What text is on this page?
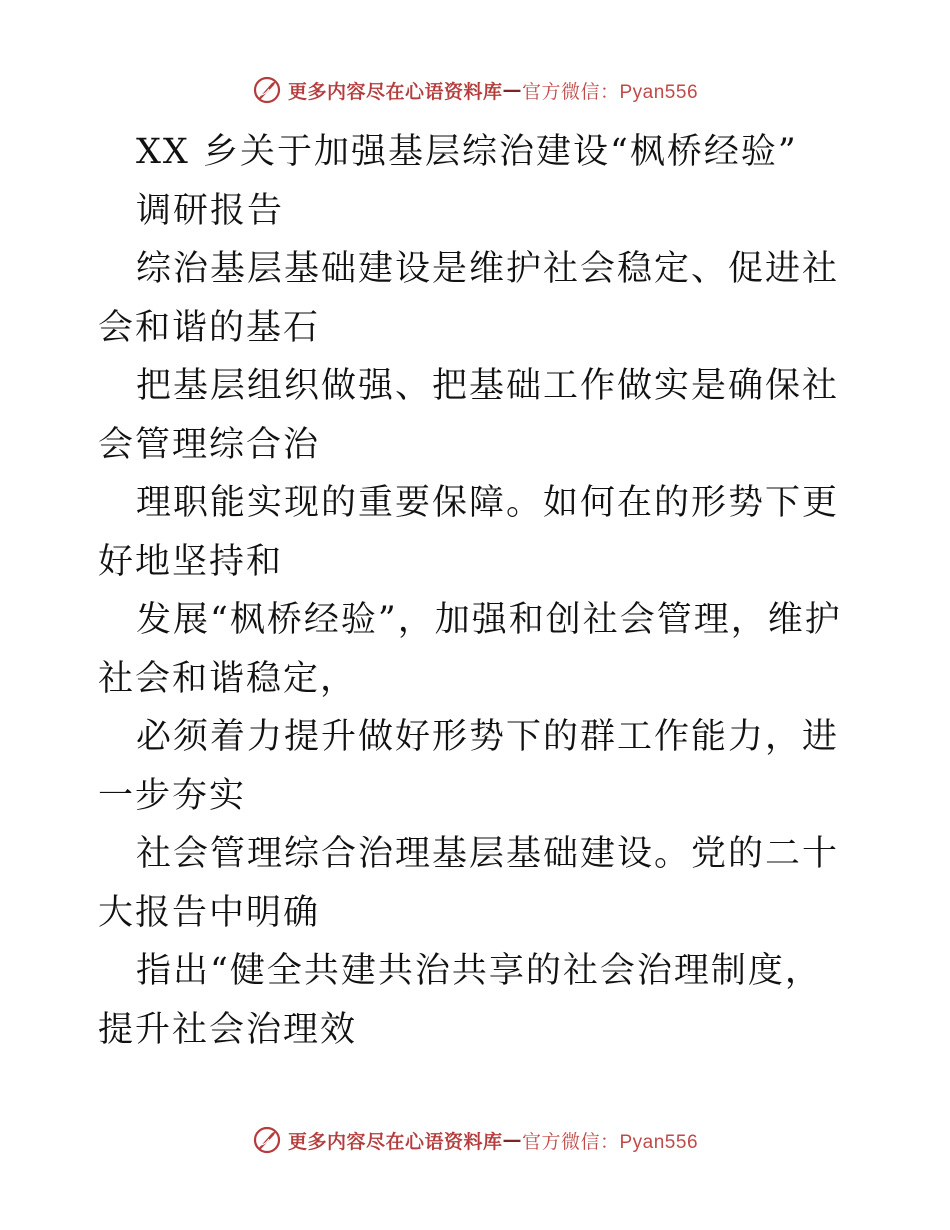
更多内容尽在心语资料库 — 官方微信：Pyan556

XX 乡关于加强基层综治建设“枫桥经验”

调研报告

综治基层基础建设是维护社会稳定、促进社会和谐的基石

把基层组织做强、把基础工作做实是确保社会管理综合治

理职能实现的重要保障。如何在的形势下更好地坚持和

发展“枫桥经验”，加强和创社会管理，维护社会和谐稳定，

必须着力提升做好形势下的群工作能力，进一步夯实

社会管理综合治理基层基础建设。党的二十大报告中明确

指出“健全共建共治共享的社会治理制度，提升社会治理效

更多内容尽在心语资料库 — 官方微信：Pyan556
